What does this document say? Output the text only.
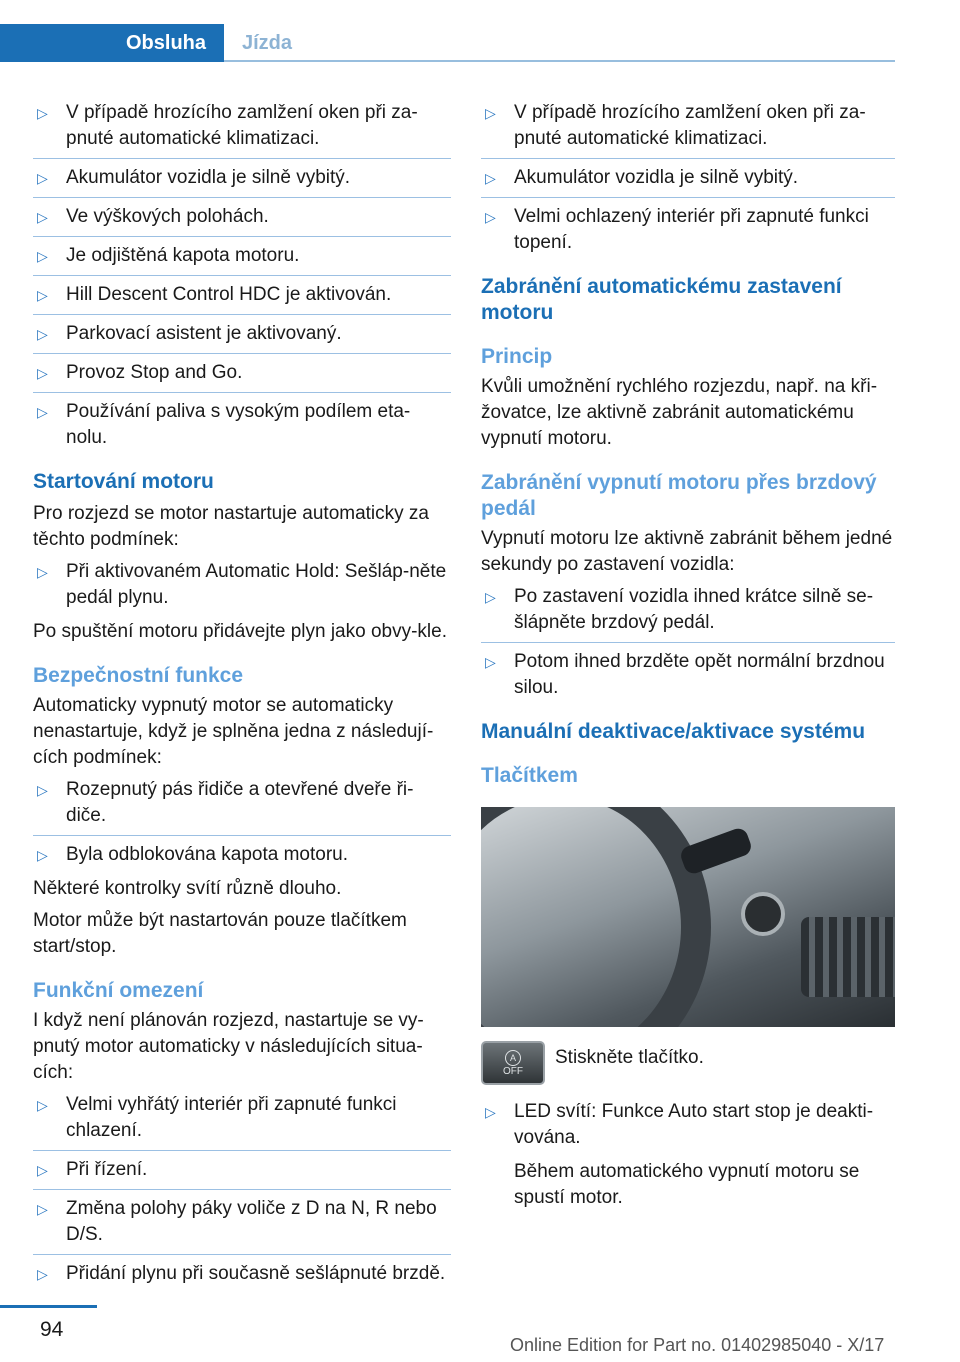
Obsluha	Jízda
▷ V případě hrozícího zamlžení oken při za-pnuté automatické klimatizaci.
▷ Akumulátor vozidla je silně vybitý.
▷ Ve výškových polohách.
▷ Je odjištěná kapota motoru.
▷ Hill Descent Control HDC je aktivován.
▷ Parkovací asistent je aktivovaný.
▷ Provoz Stop and Go.
▷ Používání paliva s vysokým podílem eta-nolu.
Startování motoru
Pro rozjezd se motor nastartuje automaticky za těchto podmínek:
▷ Při aktivovaném Automatic Hold: Sešláp-něte pedál plynu.
Po spuštění motoru přidávejte plyn jako obvy-kle.
Bezpečnostní funkce
Automaticky vypnutý motor se automaticky nenastartuje, když je splněna jedna z následují-cích podmínek:
▷ Rozepnutý pás řidiče a otevřené dveře ři-diče.
▷ Byla odblokována kapota motoru.
Některé kontrolky svítí různě dlouho.
Motor může být nastartován pouze tlačítkem start/stop.
Funkční omezení
I když není plánován rozjezd, nastartuje se vy-pnutý motor automaticky v následujících situa-cích:
▷ Velmi vyhřátý interiér při zapnuté funkci chlazení.
▷ Při řízení.
▷ Změna polohy páky voliče z D na N, R nebo D/S.
▷ Přidání plynu při současně sešlápnuté brzdě.
▷ V případě hrozícího zamlžení oken při za-pnuté automatické klimatizaci.
▷ Akumulátor vozidla je silně vybitý.
▷ Velmi ochlazený interiér při zapnuté funkci topení.
Zabránění automatickému zastavení motoru
Princip
Kvůli umožnění rychlého rozjezdu, např. na kři-žovatce, lze aktivně zabránit automatickému vypnutí motoru.
Zabránění vypnutí motoru přes brzdový pedál
Vypnutí motoru lze aktivně zabránit během jedné sekundy po zastavení vozidla:
▷ Po zastavení vozidla ihned krátce silně se-šlápněte brzdový pedál.
▷ Potom ihned brzděte opět normální brzdnou silou.
Manuální deaktivace/aktivace systému
Tlačítkem
A
OFF
Stiskněte tlačítko.
▷ LED svítí: Funkce Auto start stop je deakti-vována.
Během automatického vypnutí motoru se spustí motor.
94
Online Edition for Part no. 01402985040 - X/17
